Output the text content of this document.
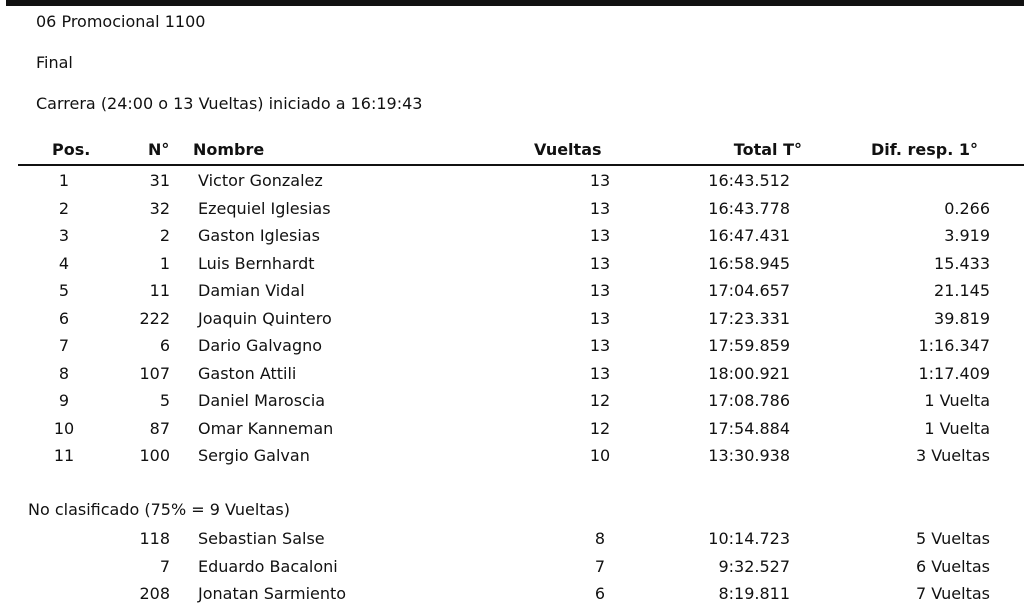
06 Promocional 1100
Final
Carrera (24:00 o 13 Vueltas) iniciado a 16:19:43
Pos.	N° Nombre	Vueltas	Total T°	Dif. resp. 1°
1	31 Victor Gonzalez	13	16:43.512
2	32 Ezequiel Iglesias	13	16:43.778	0.266
3	2 Gaston Iglesias	13	16:47.431	3.919
4	1 Luis Bernhardt	13	16:58.945	15.433
5	11 Damian Vidal	13	17:04.657	21.145
6	222 Joaquin Quintero	13	17:23.331	39.819
7	6 Dario Galvagno	13	17:59.859	1:16.347
8	107 Gaston Attili	13	18:00.921	1:17.409
9	5 Daniel Maroscia	12	17:08.786	1 Vuelta
10	87 Omar Kanneman	12	17:54.884	1 Vuelta
11	100 Sergio Galvan	10	13:30.938	3 Vueltas
No clasificado (75% = 9 Vueltas)
118 Sebastian Salse	8	10:14.723	5 Vueltas
7 Eduardo Bacaloni	7	9:32.527	6 Vueltas
208 Jonatan Sarmiento	6	8:19.811	7 Vueltas
